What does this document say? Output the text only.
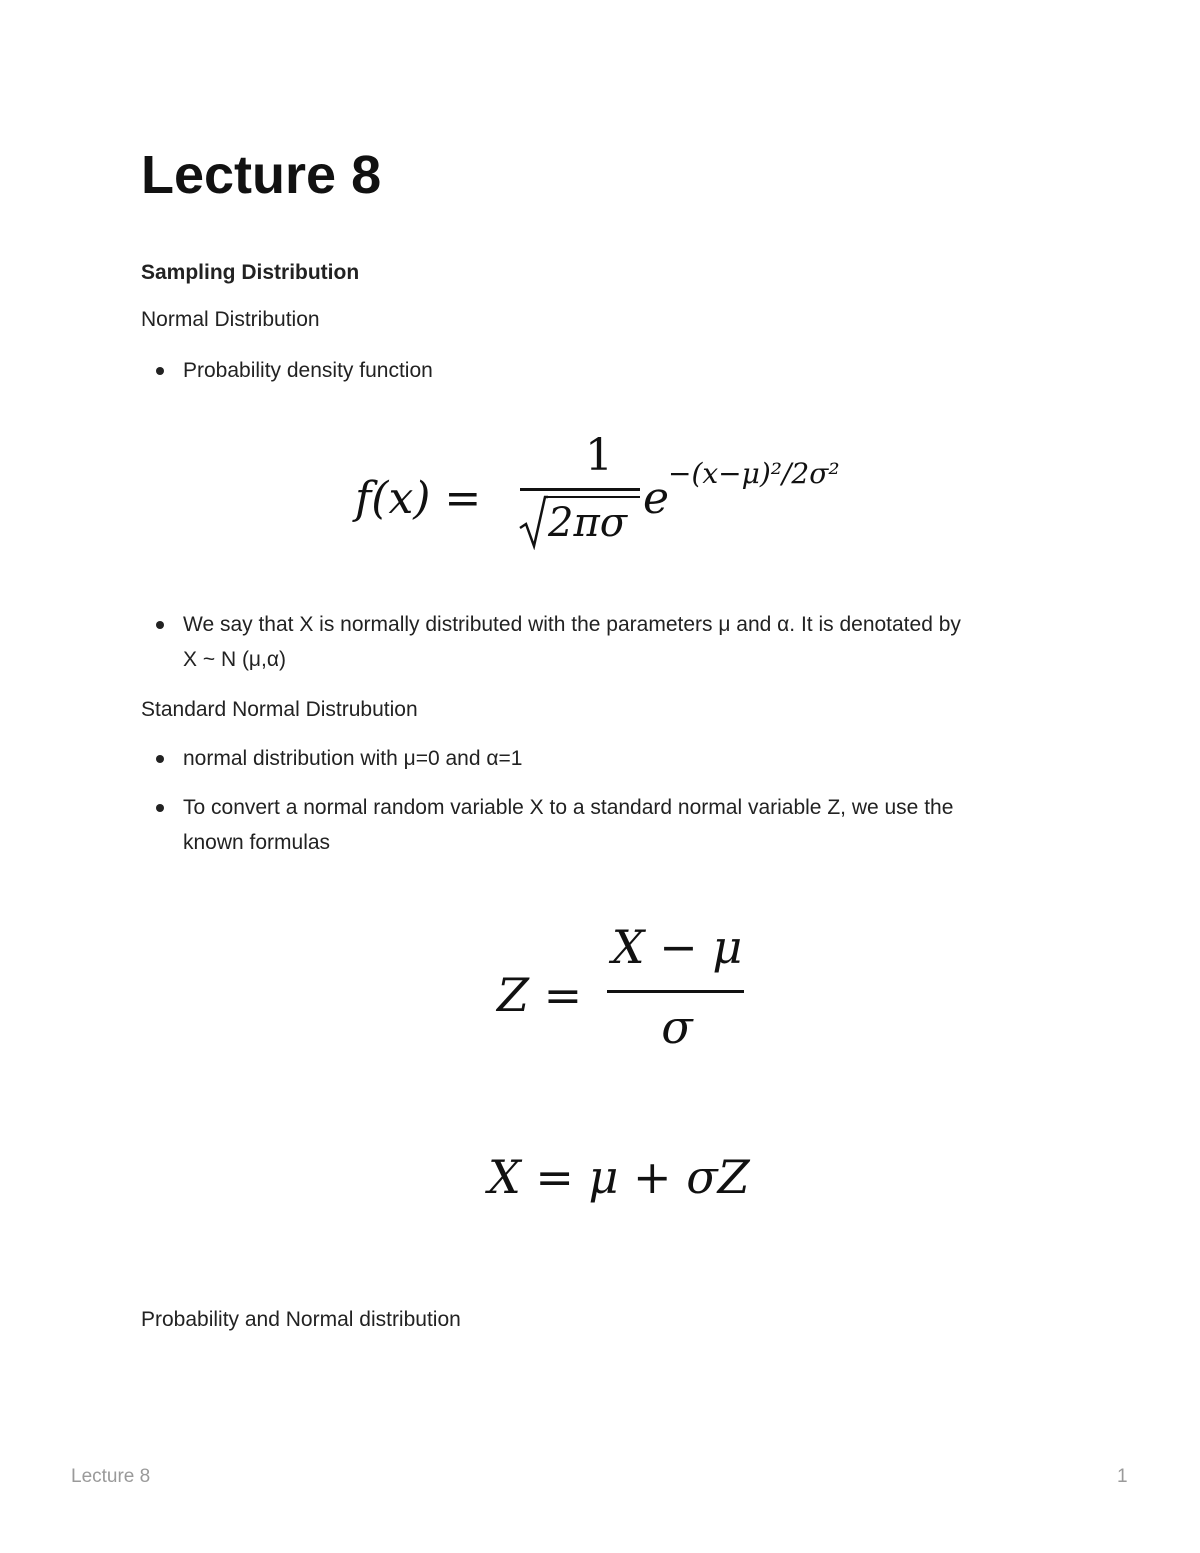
Lecture 8
Sampling Distribution
Normal Distribution
Probability density function
f(x) =
1
2πσ e
−(x−μ)²/2σ²
We say that X is normally distributed with the parameters μ and α. It is denotated by
X ~ N (μ,α)
Standard Normal Distrubution
normal distribution with μ=0 and α=1
To convert a normal random variable X to a standard normal variable Z, we use the
known formulas
Z =
X − μ
σ
X = μ + σZ
Probability and Normal distribution
Lecture 8	1
